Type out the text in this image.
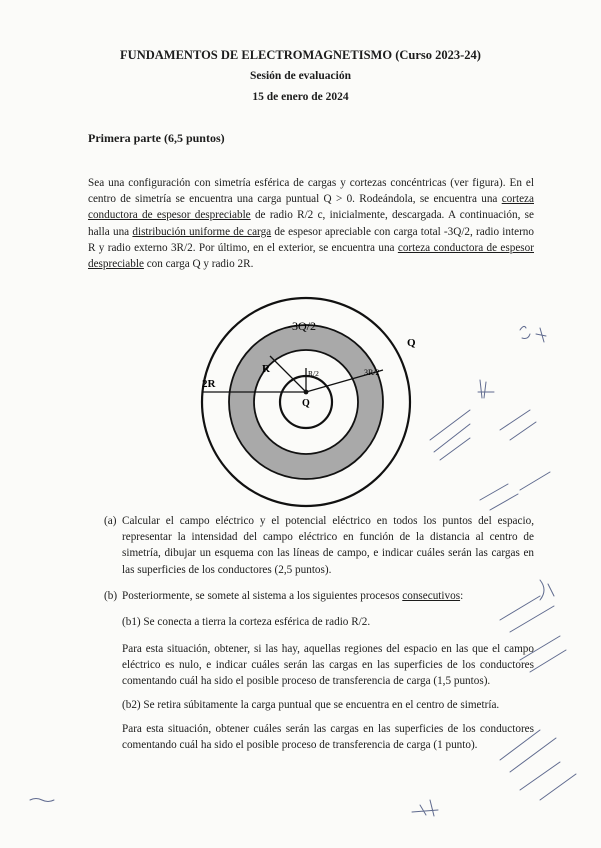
FUNDAMENTOS DE ELECTROMAGNETISMO (Curso 2023-24)
Sesión de evaluación
15 de enero de 2024
Primera parte (6,5 puntos)

Sea una configuración con simetría esférica de cargas y cortezas concéntricas (ver figura). En el centro de simetría se encuentra una carga puntual Q > 0. Rodeándola, se encuentra una corteza conductora de espesor despreciable de radio R/2 c, inicialmente, descargada. A continuación, se halla una distribución uniforme de carga de espesor apreciable con carga total -3Q/2, radio interno R y radio externo 3R/2. Por último, en el exterior, se encuentra una corteza conductora de espesor despreciable con carga Q y radio 2R.

-3Q/2
Q
2R
R	R/2	3R/2
Q
(a) Calcular el campo eléctrico y el potencial eléctrico en todos los puntos del espacio, representar la intensidad del campo eléctrico en función de la distancia al centro de simetría, dibujar un esquema con las líneas de campo, e indicar cuáles serán las cargas en las superficies de los conductores (2,5 puntos).
(b) Posteriormente, se somete al sistema a los siguientes procesos consecutivos:

(b1) Se conecta a tierra la corteza esférica de radio R/2.

Para esta situación, obtener, si las hay, aquellas regiones del espacio en las que el campo eléctrico es nulo, e indicar cuáles serán las cargas en las superficies de los conductores comentando cuál ha sido el posible proceso de transferencia de carga (1,5 puntos).

(b2) Se retira súbitamente la carga puntual que se encuentra en el centro de simetría.

Para esta situación, obtener cuáles serán las cargas en las superficies de los conductores comentando cuál ha sido el posible proceso de transferencia de carga (1 punto).
